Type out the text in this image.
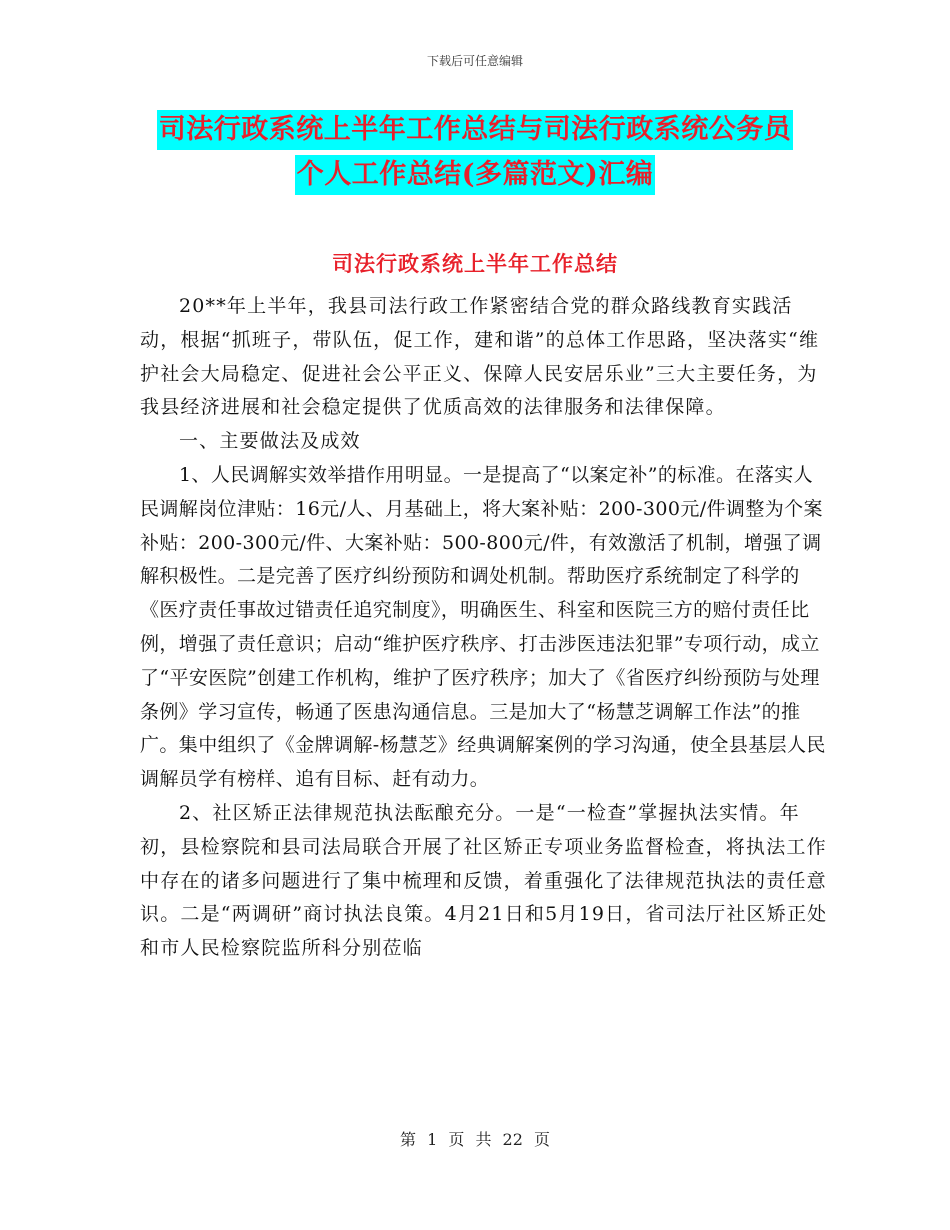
下载后可任意编辑
司法行政系统上半年工作总结与司法行政系统公务员
个人工作总结(多篇范文)汇编
司法行政系统上半年工作总结

20**年上半年，我县司法行政工作紧密结合党的群众路线教育实践活动，根据“抓班子，带队伍，促工作，建和谐”的总体工作思路，坚决落实“维护社会大局稳定、促进社会公平正义、保障人民安居乐业”三大主要任务，为我县经济进展和社会稳定提供了优质高效的法律服务和法律保障。

一、主要做法及成效

1、人民调解实效举措作用明显。一是提高了“以案定补”的标准。在落实人民调解岗位津贴：16元/人、月基础上，将大案补贴：200-300元/件调整为个案补贴：200-300元/件、大案补贴：500-800元/件，有效激活了机制，增强了调解积极性。二是完善了医疗纠纷预防和调处机制。帮助医疗系统制定了科学的《医疗责任事故过错责任追究制度》，明确医生、科室和医院三方的赔付责任比例，增强了责任意识；启动“维护医疗秩序、打击涉医违法犯罪”专项行动，成立了“平安医院”创建工作机构，维护了医疗秩序；加大了《省医疗纠纷预防与处理条例》学习宣传，畅通了医患沟通信息。三是加大了“杨慧芝调解工作法”的推广。集中组织了《金牌调解-杨慧芝》经典调解案例的学习沟通，使全县基层人民调解员学有榜样、追有目标、赶有动力。

2、社区矫正法律规范执法酝酿充分。一是“一检查”掌握执法实情。年初，县检察院和县司法局联合开展了社区矫正专项业务监督检查，将执法工作中存在的诸多问题进行了集中梳理和反馈，着重强化了法律规范执法的责任意识。二是“两调研”商讨执法良策。4月21日和5月19日，省司法厅社区矫正处和市人民检察院监所科分别莅临

第 1 页 共 22 页
